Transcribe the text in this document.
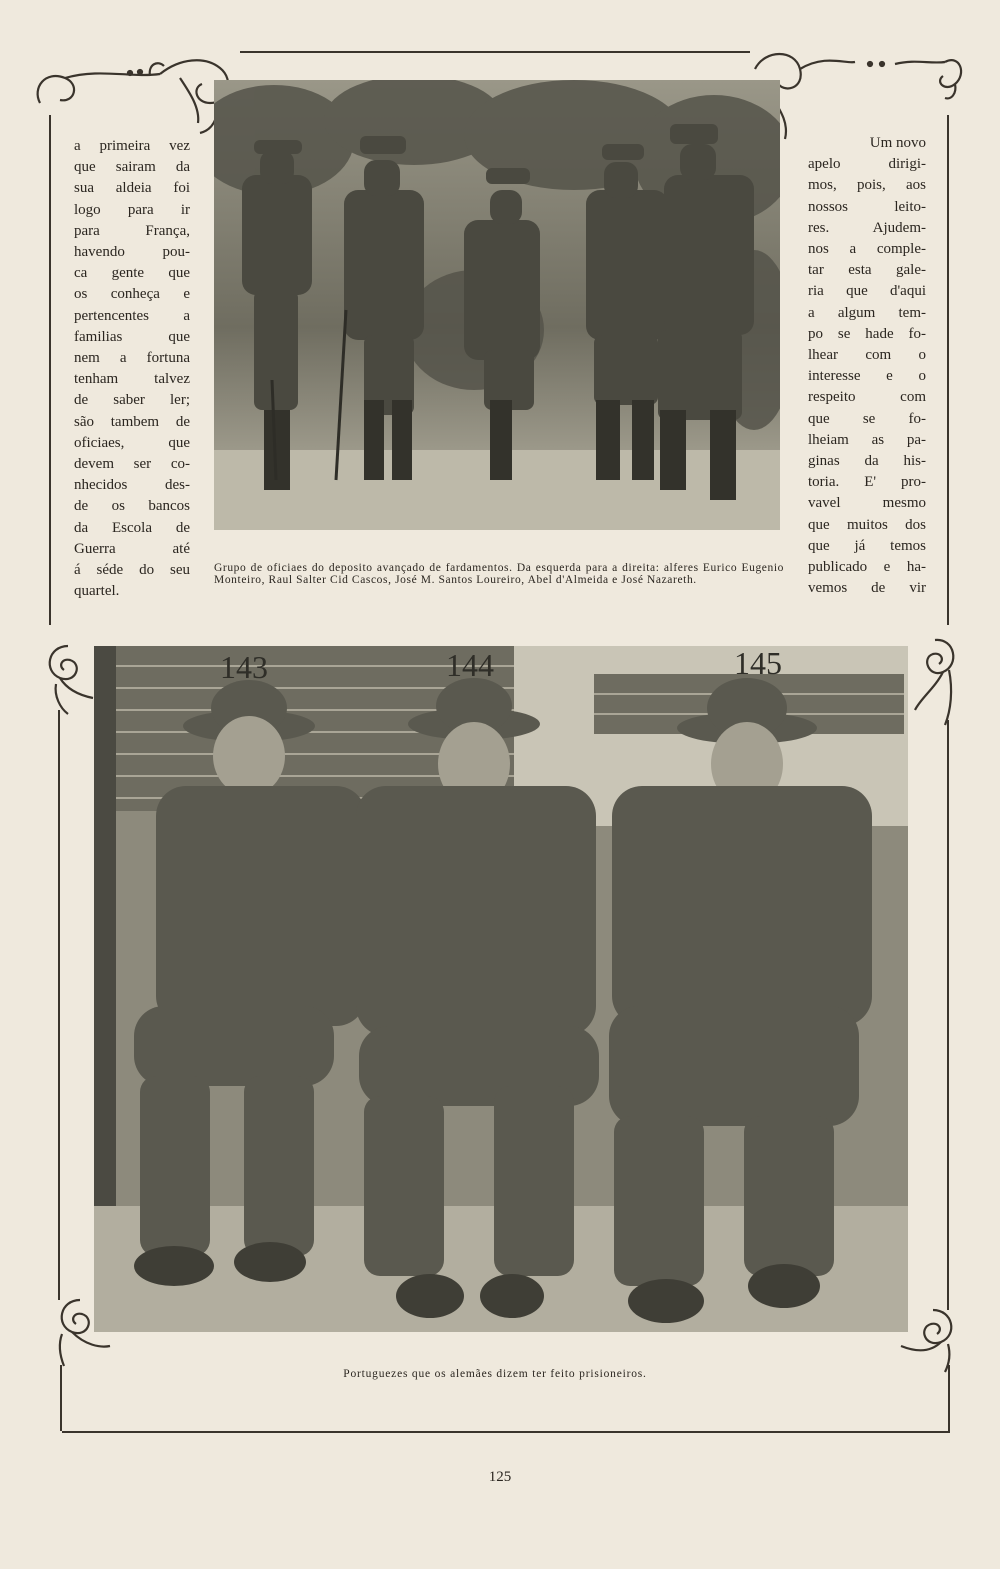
a primeira vez
que sairam da
sua aldeia foi
logo para ir
para França,
havendo pou-
ca gente que
os conheça e
pertencentes a
familias que
nem a fortuna
tenham talvez
de saber ler;
são tambem de
oficiaes, que
devem ser co-
nhecidos des-
de os bancos
da Escola de
Guerra até
á séde do seu
quartel.
Um novo
apelo dirigi-
mos, pois, aos
nossos leito-
res. Ajudem-
nos a comple-
tar esta gale-
ria que d'aqui
a algum tem-
po se hade fo-
lhear com o
interesse e o
respeito com
que se fo-
lheiam as pa-
ginas da his-
toria. E' pro-
vavel mesmo
que muitos dos
que já temos
publicado e ha-
vemos de vir
Grupo de oficiaes do deposito avançado de fardamentos. Da esquerda para a direita: alferes Eurico Eugenio Monteiro, Raul Salter Cid Cascos, José M. Santos Loureiro, Abel d'Almeida e José Nazareth.
143	144	145
Portuguezes que os alemães dizem ter feito prisioneiros.
125
